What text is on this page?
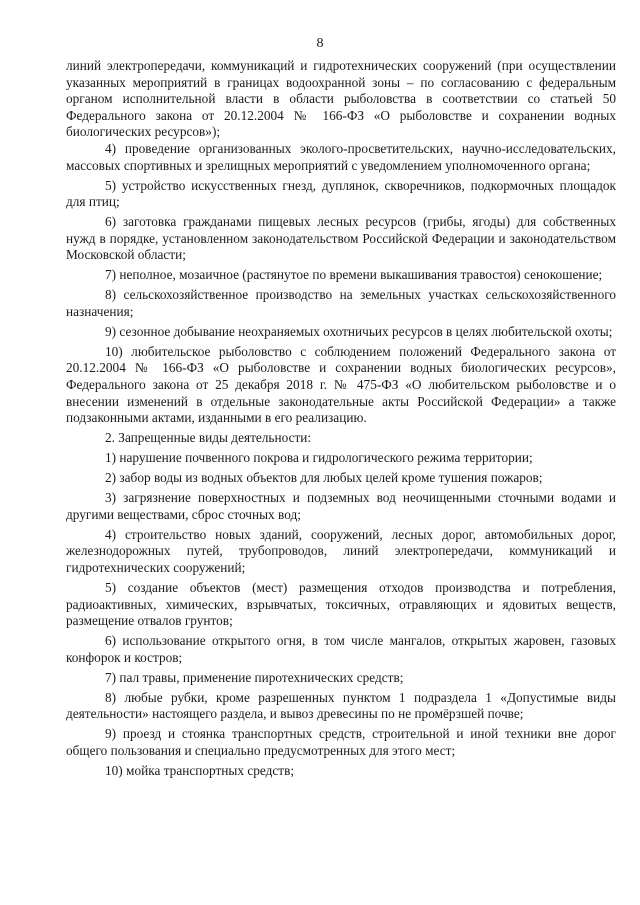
8

линий электропередачи, коммуникаций и гидротехнических сооружений (при осуществлении указанных мероприятий в границах водоохранной зоны – по согласованию с федеральным органом исполнительной власти в области рыболовства в соответствии со статьей 50 Федерального закона от 20.12.2004 № 166-ФЗ «О рыболовстве и сохранении водных биологических ресурсов»);

4) проведение организованных эколого-просветительских, научно-исследовательских, массовых спортивных и зрелищных мероприятий с уведомлением уполномоченного органа;

5) устройство искусственных гнезд, дуплянок, скворечников, подкормочных площадок для птиц;

6) заготовка гражданами пищевых лесных ресурсов (грибы, ягоды) для собственных нужд в порядке, установленном законодательством Российской Федерации и законодательством Московской области;

7) неполное, мозаичное (растянутое по времени выкашивания травостоя) сенокошение;

8) сельскохозяйственное производство на земельных участках сельскохозяйственного назначения;

9) сезонное добывание неохраняемых охотничьих ресурсов в целях любительской охоты;

10) любительское рыболовство с соблюдением положений Федерального закона от 20.12.2004 № 166-ФЗ «О рыболовстве и сохранении водных биологических ресурсов», Федерального закона от 25 декабря 2018 г. № 475-ФЗ «О любительском рыболовстве и о внесении изменений в отдельные законодательные акты Российской Федерации» а также подзаконными актами, изданными в его реализацию.

2. Запрещенные виды деятельности:

1) нарушение почвенного покрова и гидрологического режима территории;

2) забор воды из водных объектов для любых целей кроме тушения пожаров;

3) загрязнение поверхностных и подземных вод неочищенными сточными водами и другими веществами, сброс сточных вод;

4) строительство новых зданий, сооружений, лесных дорог, автомобильных дорог, железнодорожных путей, трубопроводов, линий электропередачи, коммуникаций и гидротехнических сооружений;

5) создание объектов (мест) размещения отходов производства и потребления, радиоактивных, химических, взрывчатых, токсичных, отравляющих и ядовитых веществ, размещение отвалов грунтов;

6) использование открытого огня, в том числе мангалов, открытых жаровен, газовых конфорок и костров;

7) пал травы, применение пиротехнических средств;

8) любые рубки, кроме разрешенных пунктом 1 подраздела 1 «Допустимые виды деятельности» настоящего раздела, и вывоз древесины по не промёрзшей почве;

9) проезд и стоянка транспортных средств, строительной и иной техники вне дорог общего пользования и специально предусмотренных для этого мест;

10) мойка транспортных средств;
